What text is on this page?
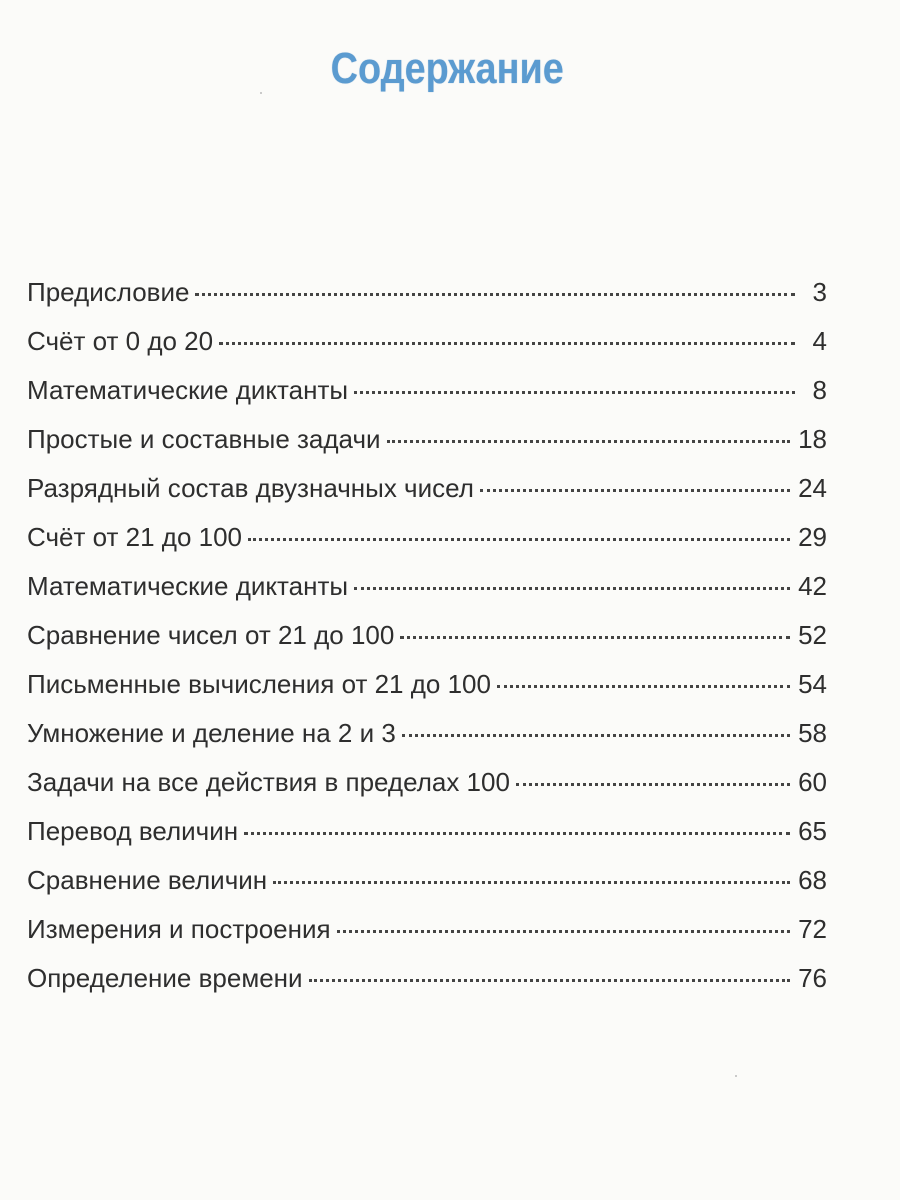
Содержание
Предисловие	3
Счёт от 0 до 20	4
Математические диктанты	8
Простые и составные задачи	18
Разрядный состав двузначных чисел	24
Счёт от 21 до 100	29
Математические диктанты	42
Сравнение чисел от 21 до 100	52
Письменные вычисления от 21 до 100	54
Умножение и деление на 2 и 3	58
Задачи на все действия в пределах 100	60
Перевод величин	65
Сравнение величин	68
Измерения и построения	72
Определение времени	76
